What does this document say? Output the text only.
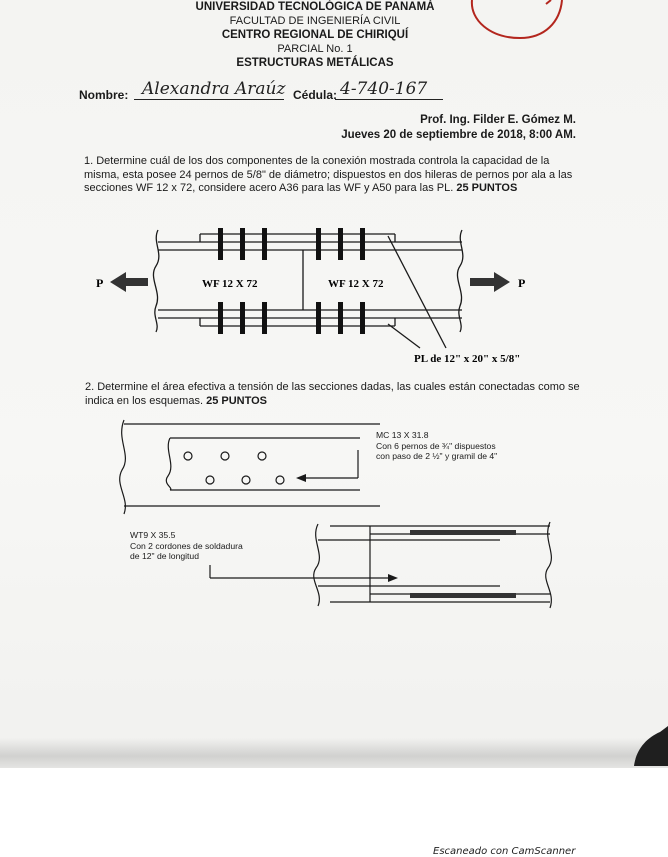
UNIVERSIDAD TECNOLÓGICA DE PANAMÁ
FACULTAD DE INGENIERÍA CIVIL
CENTRO REGIONAL DE CHIRIQUÍ
PARCIAL No. 1
ESTRUCTURAS METÁLICAS
Nombre: Alexandra Araúz Cédula: 4-740-167
Prof. Ing. Filder E. Gómez M.
Jueves 20 de septiembre de 2018, 8:00 AM.
1. Determine cuál de los dos componentes de la conexión mostrada controla la capacidad de la misma, esta posee 24 pernos de 5/8" de diámetro; dispuestos en dos hileras de pernos por ala a las secciones WF 12 x 72, considere acero A36 para las WF y A50 para las PL. 25 PUNTOS
P	P
WF 12 X 72	WF 12 X 72
PL de 12" x 20" x 5/8"
2. Determine el área efectiva a tensión de las secciones dadas, las cuales están conectadas como se indica en los esquemas. 25 PUNTOS
MC 13 X 31.8
Con 6 pernos de ¾" dispuestos
con paso de 2 ½" y gramil de 4"
WT9 X 35.5
Con 2 cordones de soldadura
de 12" de longitud
Escaneado con CamScanner
